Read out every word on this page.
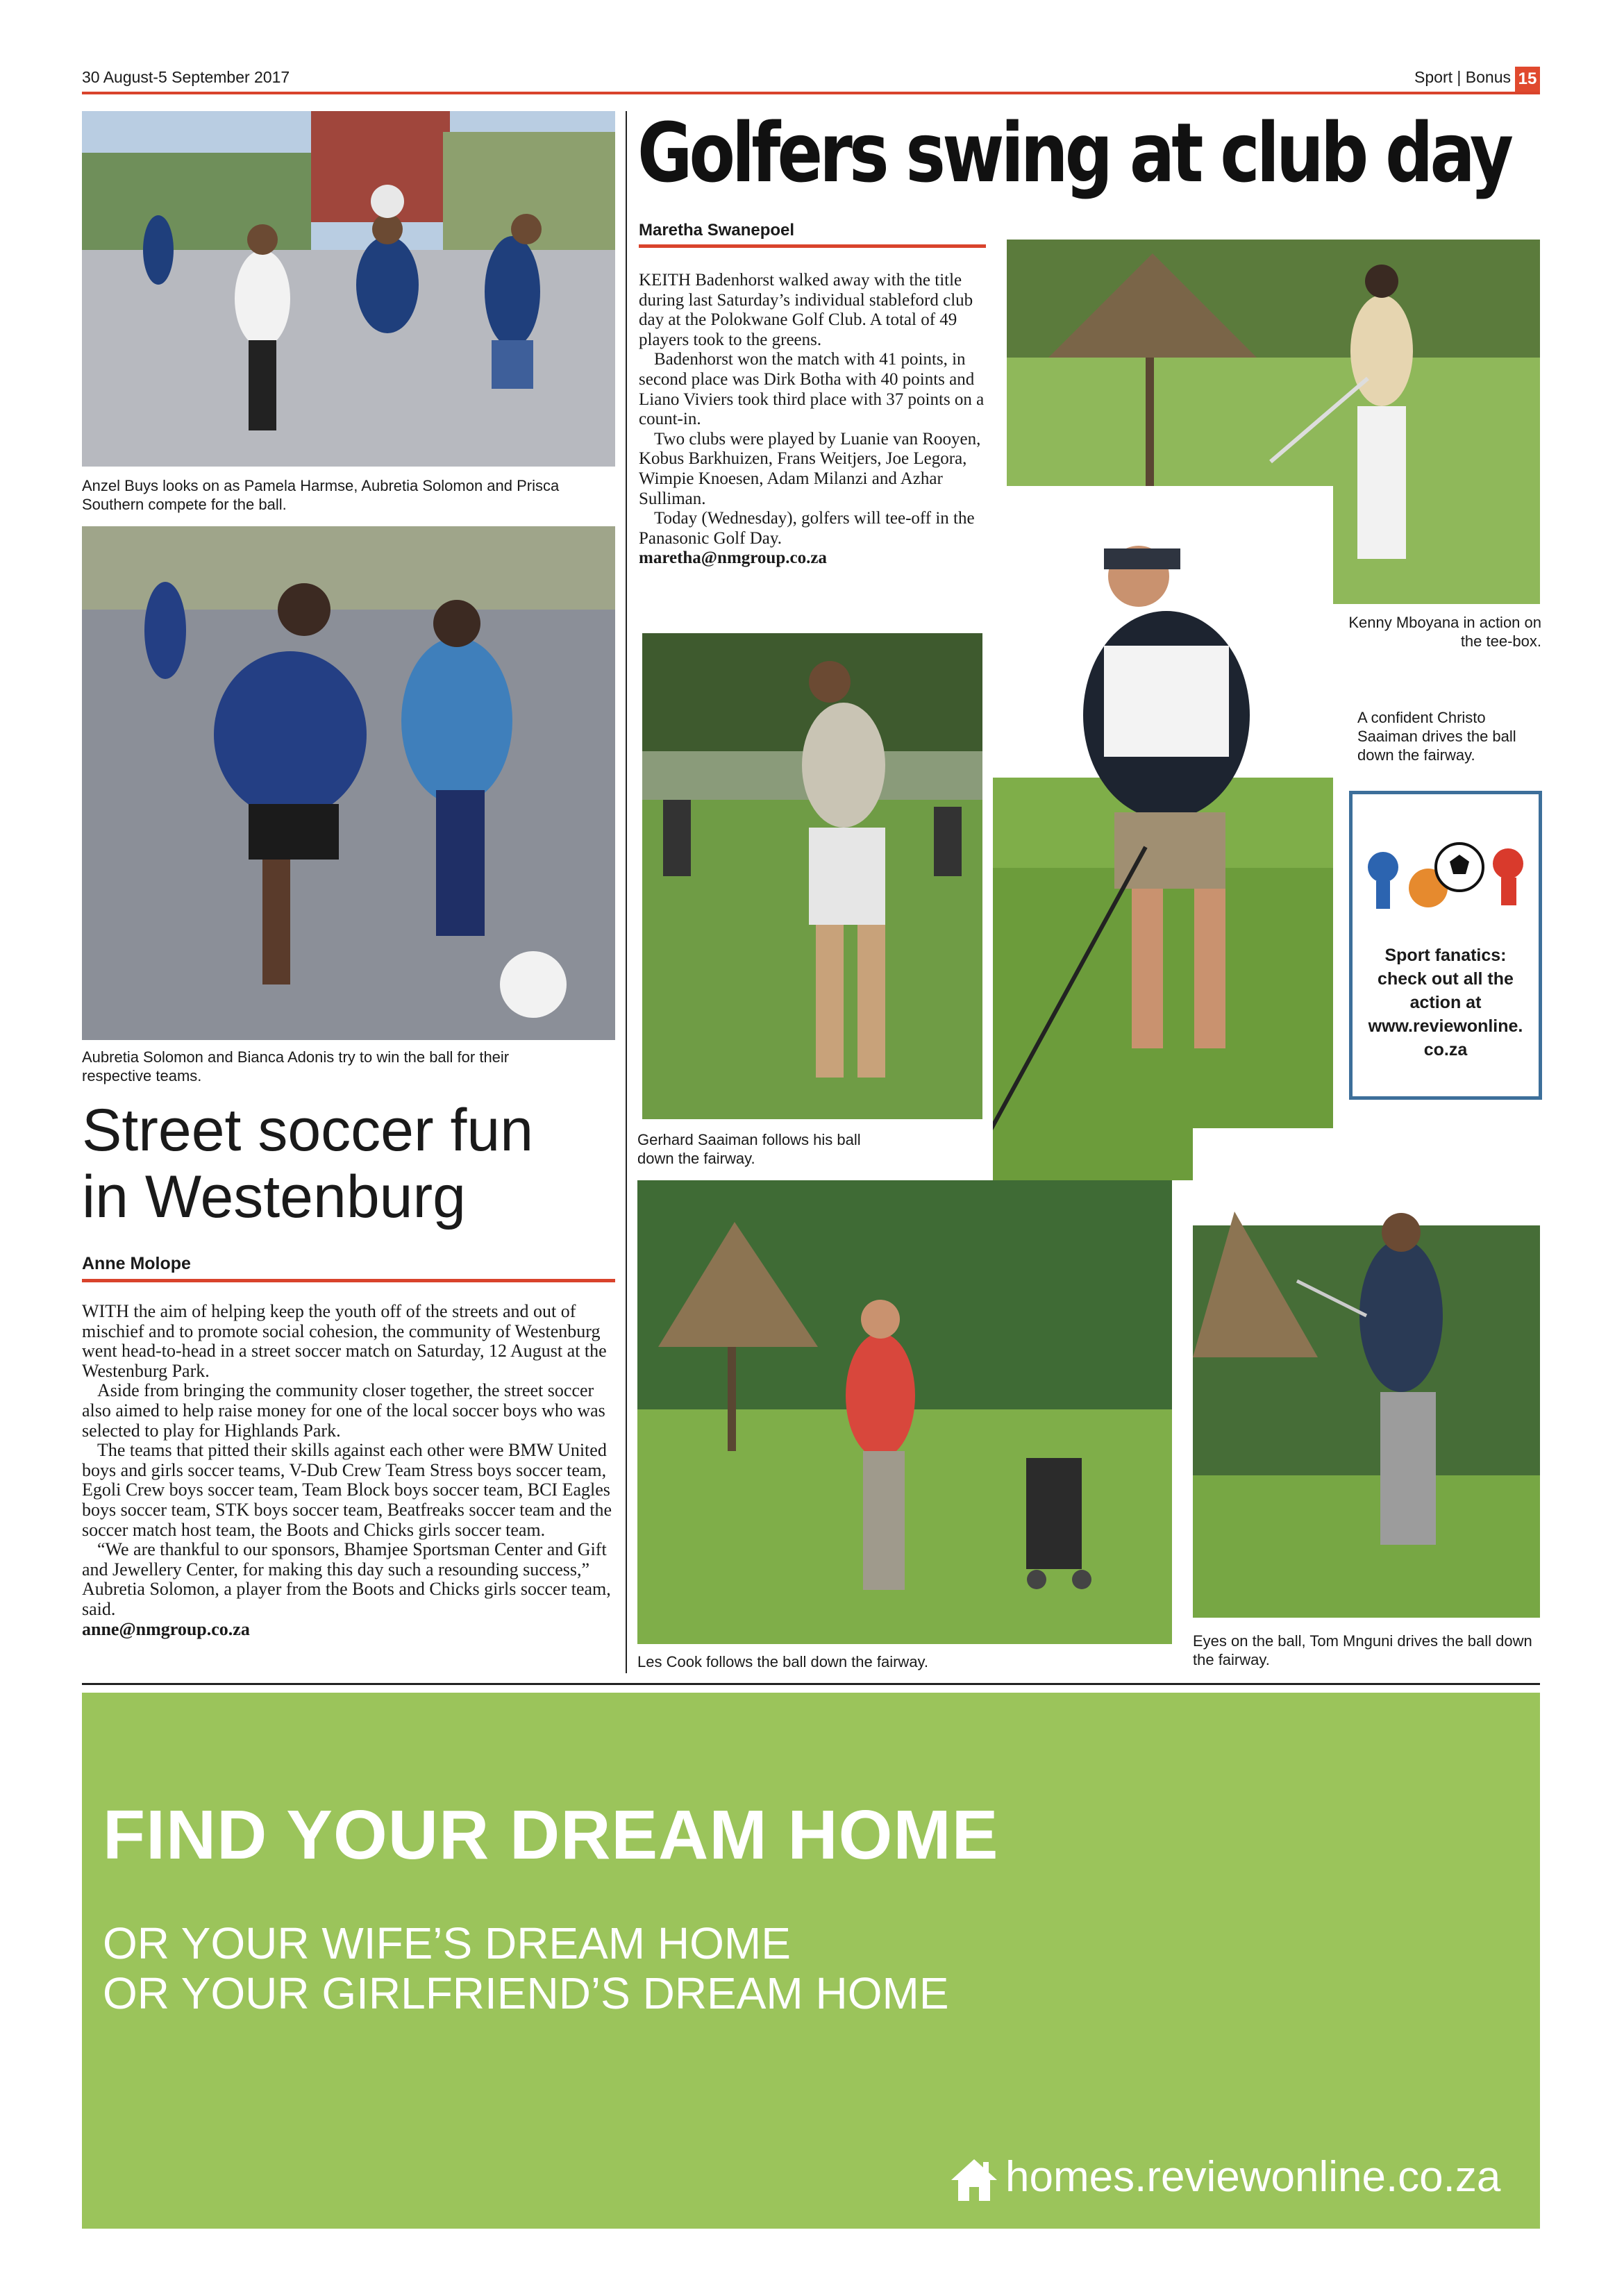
30 August-5 September 2017	Sport | Bonus 15
Anzel Buys looks on as Pamela Harmse, Aubretia Solomon and Prisca Southern compete for the ball.
Aubretia Solomon and Bianca Adonis try to win the ball for their respective teams.
Street soccer fun
in Westenburg
Anne Molope

WITH the aim of helping keep the youth off of the streets and out of mischief and to promote social cohesion, the community of Westenburg went head-to-head in a street soccer match on Saturday, 12 August at the Westenburg Park.

Aside from bringing the community closer together, the street soccer also aimed to help raise money for one of the local soccer boys who was selected to play for Highlands Park.

The teams that pitted their skills against each other were BMW United boys and girls soccer teams, V-Dub Crew Team Stress boys soccer team, Egoli Crew boys soccer team, Team Block boys soccer team, BCI Eagles boys soccer team, STK boys soccer team, Beatfreaks soccer team and the soccer match host team, the Boots and Chicks girls soccer team.

“We are thankful to our sponsors, Bhamjee Sportsman Center and Gift and Jewellery Center, for making this day such a resounding success,” Aubretia Solomon, a player from the Boots and Chicks girls soccer team, said.

anne@nmgroup.co.za

Golfers swing at club day
Maretha Swanepoel

KEITH Badenhorst walked away with the title during last Saturday’s individual stableford club day at the Polokwane Golf Club. A total of 49 players took to the greens.

Badenhorst won the match with 41 points, in second place was Dirk Botha with 40 points and Liano Viviers took third place with 37 points on a count-in.

Two clubs were played by Luanie van Rooyen, Kobus Barkhuizen, Frans Weitjers, Joe Legora, Wimpie Knoesen, Adam Milanzi and Azhar Sulliman.

Today (Wednesday), golfers will tee-off in the Panasonic Golf Day.

maretha@nmgroup.co.za

Kenny Mboyana in action on the tee-box.
A confident Christo Saaiman drives the ball down the fairway.
Sport fanatics: check out all the action at www.reviewonline. co.za
Gerhard Saaiman follows his ball down the fairway.
Les Cook follows the ball down the fairway.
Eyes on the ball, Tom Mnguni drives the ball down the fairway.
FIND YOUR DREAM HOME
OR YOUR WIFE’S DREAM HOME
OR YOUR GIRLFRIEND’S DREAM HOME
homes.reviewonline.co.za
